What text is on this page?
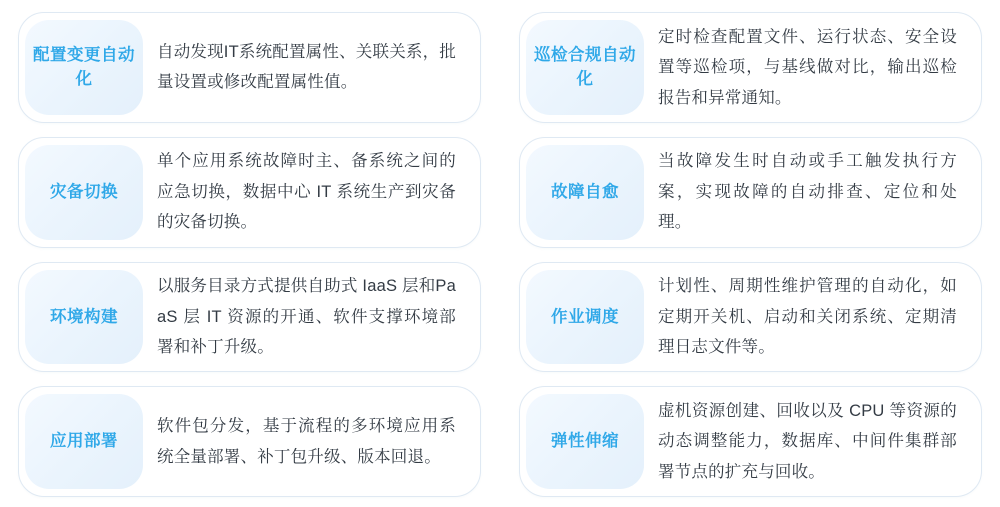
配置变更自动化
自动发现IT系统配置属性、关联关系，批量设置或修改配置属性值。
巡检合规自动化
定时检查配置文件、运行状态、安全设置等巡检项，与基线做对比，输出巡检报告和异常通知。
灾备切换
单个应用系统故障时主、备系统之间的应急切换，数据中心 IT 系统生产到灾备的灾备切换。
故障自愈
当故障发生时自动或手工触发执行方案，实现故障的自动排查、定位和处理。
环境构建
以服务目录方式提供自助式 IaaS 层和PaaS 层 IT 资源的开通、软件支撑环境部署和补丁升级。
作业调度
计划性、周期性维护管理的自动化，如定期开关机、启动和关闭系统、定期清理日志文件等。
应用部署
软件包分发，基于流程的多环境应用系统全量部署、补丁包升级、版本回退。
弹性伸缩
虚机资源创建、回收以及 CPU 等资源的动态调整能力，数据库、中间件集群部署节点的扩充与回收。
